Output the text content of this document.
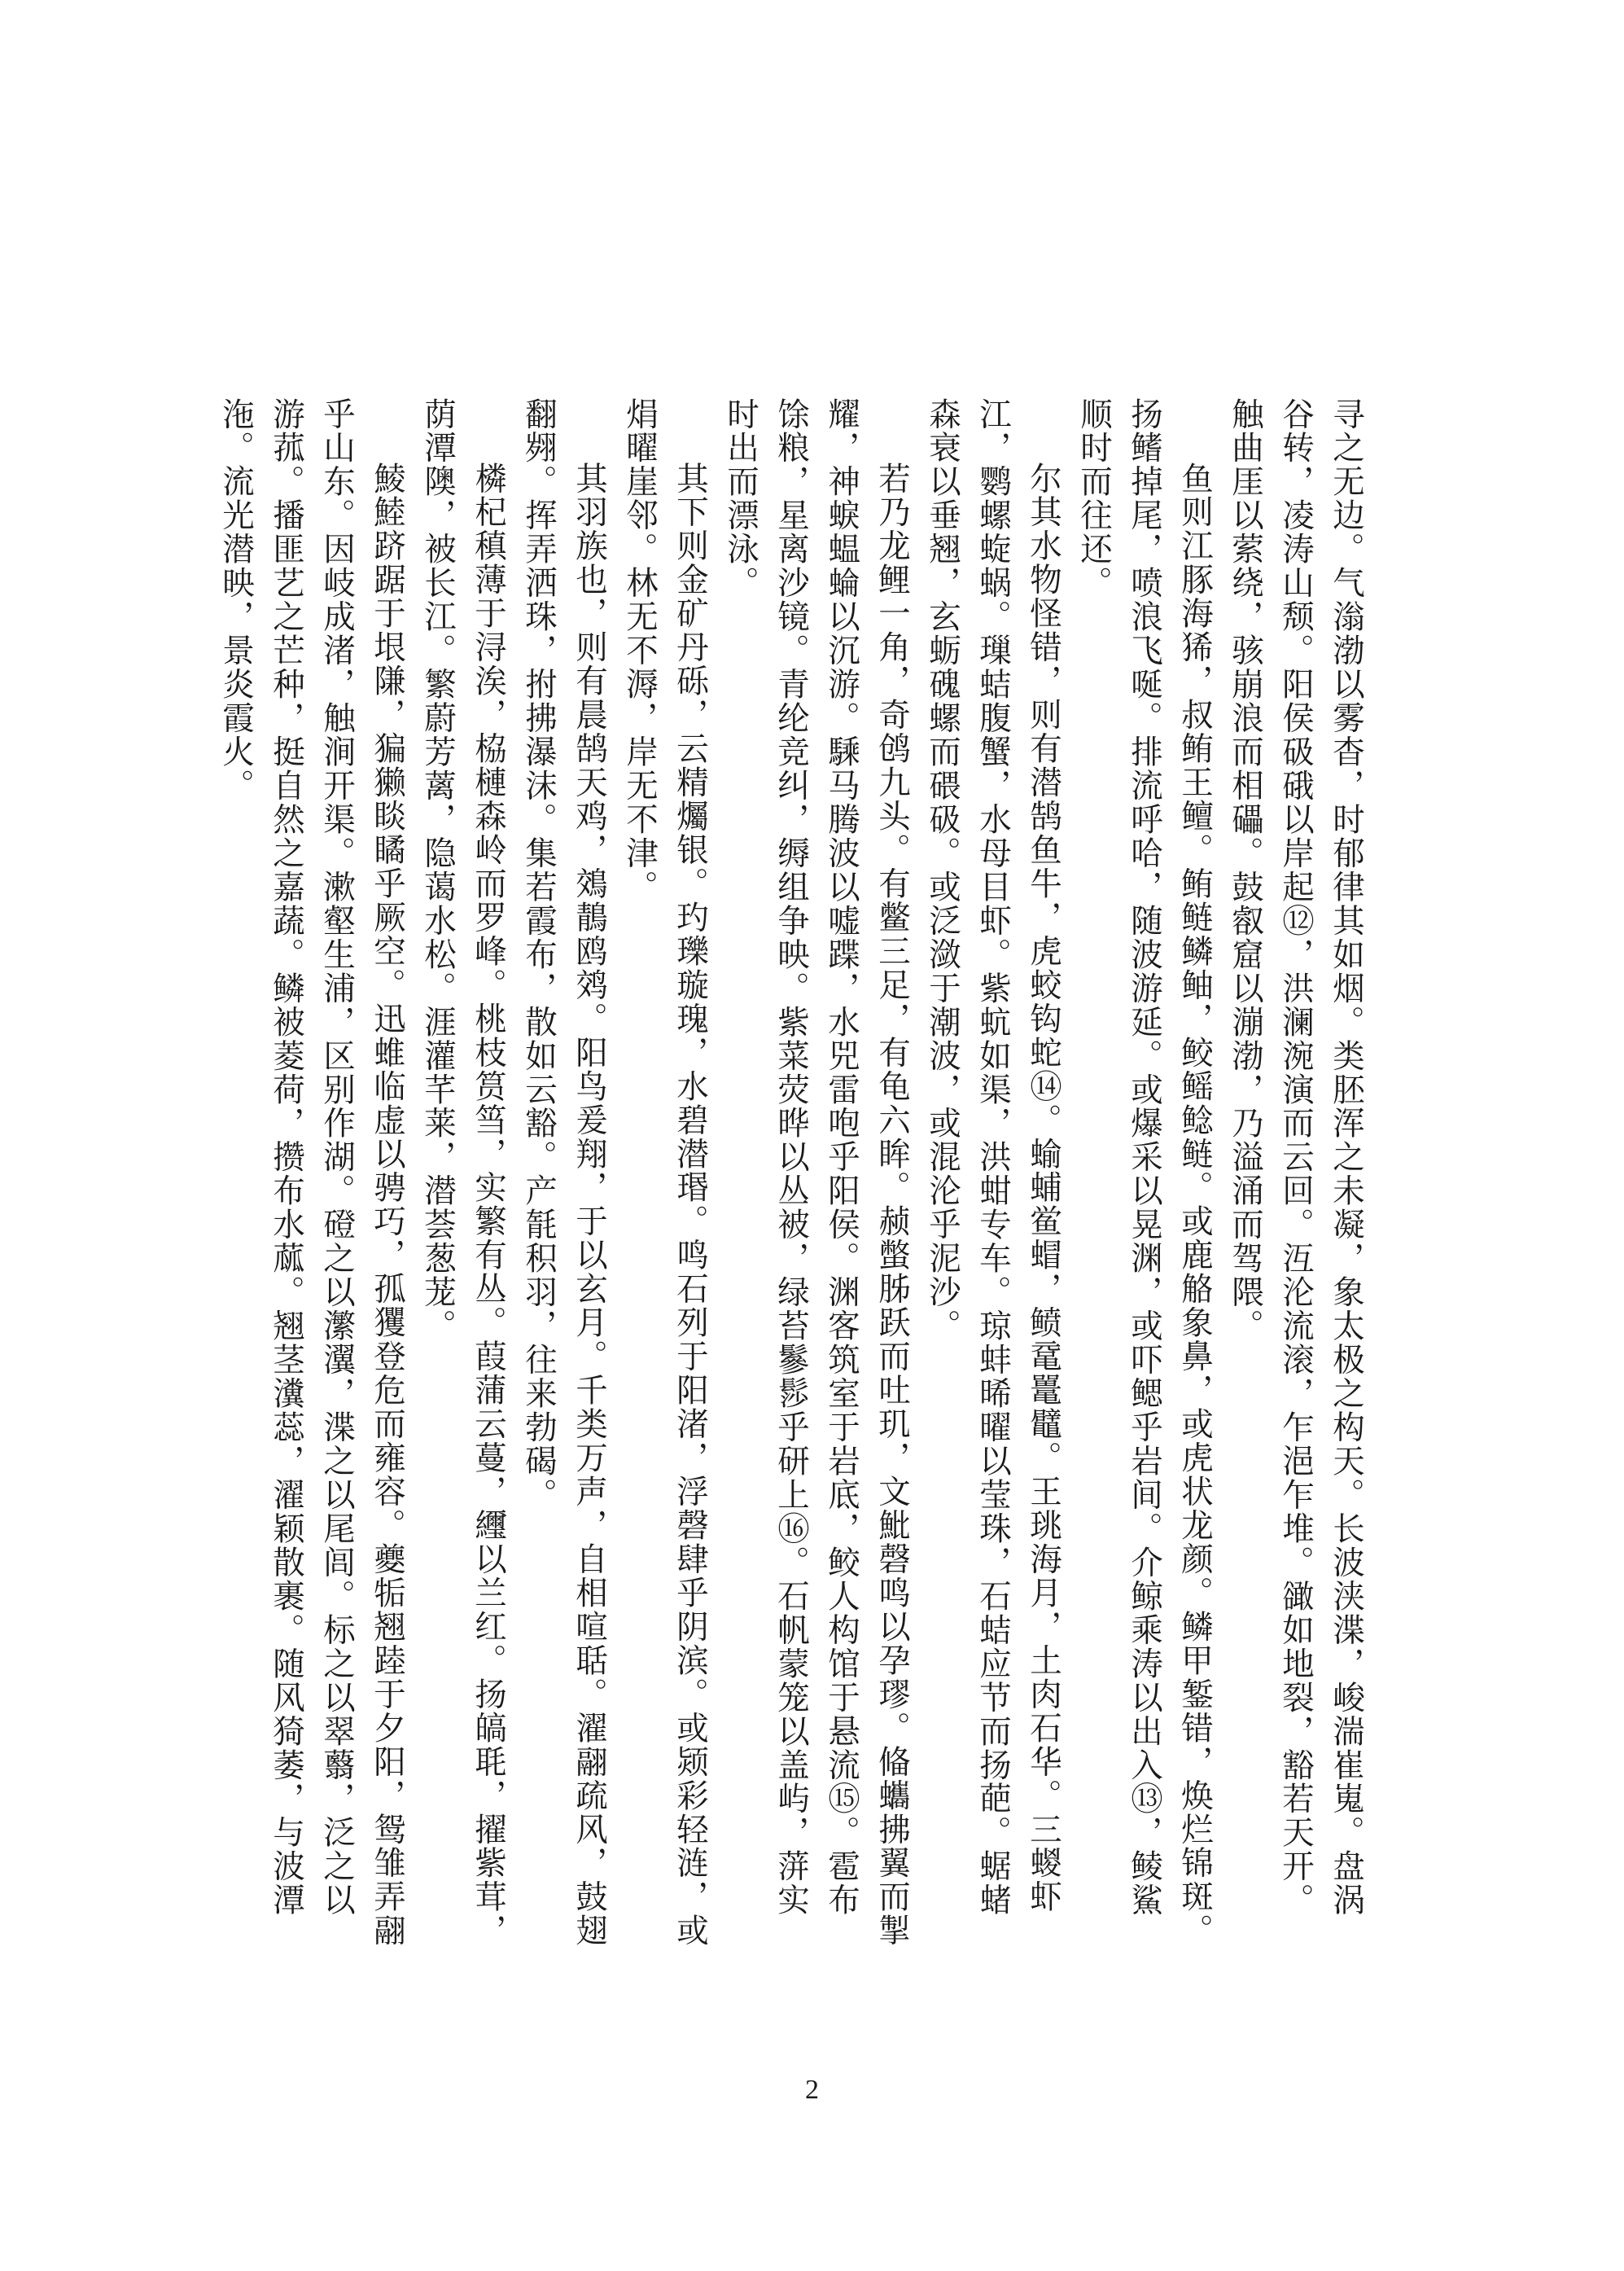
寻之无边。气滃渤以雾杳，时郁律其如烟。类胚浑之未凝，象太极之构天。长波浃渫，峻湍崔嵬。盘涡谷转，凌涛山颓。阳侯砐硪以岸起⑫，洪澜涴演而云回。沍沦流滚，乍浥乍堆。豃如地裂，豁若天开。触曲厓以萦绕，骇崩浪而相礧。鼓㕡窟以漰渤，乃溢涌而驾隈。

鱼则江豚海狶，叔鲔王鳣。鲔鲢鳞鲉，鲛鳐鲶鲢。或鹿觡象鼻，或虎状龙颜。鳞甲錾错，焕烂锦斑。扬鳍掉尾，喷浪飞唌。排流呼哈，随波游延。或爆采以晃渊，或吓鳃乎岩间。介鲸乘涛以出入⑬，鲮鯊顺时而往还。

尔其水物怪错，则有潜鹄鱼牛，虎蛟钩蛇⑭。蝓蜅鲎蝐，鲼鼋鼍鼊。王珧海月，土肉石华。三蝬虾江，鹦螺蜁蜗。璅蛣腹蟹，水母目虾。紫蚢如渠，洪蚶专车。琼蚌晞曜以莹珠，石蛣应节而扬葩。蜛蝫森衰以垂翘，玄蛎磈螺而碨砐。或泛潋于潮波，或混沦乎泥沙。

若乃龙鲤一角，奇鸧九头。有鳖三足，有龟六眸。赪蟞胏跃而吐玑，文魮磬鸣以孕璆。偹蠵拂翼而掣耀，神蜧蝹蜦以沉游。騬马腾波以嘘蹀，水兕雷咆乎阳侯。渊客筑室于岩底，鲛人构馆于悬流⑮。雹布馀粮，星离沙镜。青纶竞纠，缛组争映。紫菜荧晔以丛被，绿苔鬖髿乎研上⑯。石帆蒙笼以盖屿，蓱实时出而漂泳。

其下则金矿丹砾，云精爥银。玓瓅璇瑰，水碧潜瑉。鸣石列于阳渚，浮磬肆乎阴滨。或颎彩轻涟，或焆曜崖邻。林无不溽，岸无不津。

其羽族也，则有晨鹄天鸡，鵁鶄鸥䴔。阳鸟爰翔，于以玄月。千类万声，自相喧聒。濯翮疏风，鼓翅翻翙。挥弄洒珠，拊拂瀑沫。集若霞布，散如云豁。产毻积羽，往来勃碣。

橉杞稹薄于浔涘，栛槤森岭而罗峰。桃枝筼筜，实繁有丛。葭蒲云蔓，䌳以兰红。扬皜毦，擢紫茸，荫潭隩，被长江。繁蔚芳蓠，隐蔼水松。涯灌芊莱，潜荟葱茏。

鯪鯥跻踞于垠隒，猵獭睒瞲乎厥空。迅蜼临虚以骋巧，孤玃登危而雍容。夔㸸翘踛于夕阳，鸳雏弄翮乎山东。因岐成渚，触涧开渠。漱壑生浦，区别作湖。磴之以瀿瀷，渫之以尾闾。标之以翠蘙，泛之以游菰。播匪艺之芒种，挺自然之嘉蔬。鳞被菱荷，攒布水蓏。翘茎瀵蕊，濯颖散裹。随风猗萎，与波潭沲。流光潜映，景炎霞火。

2
